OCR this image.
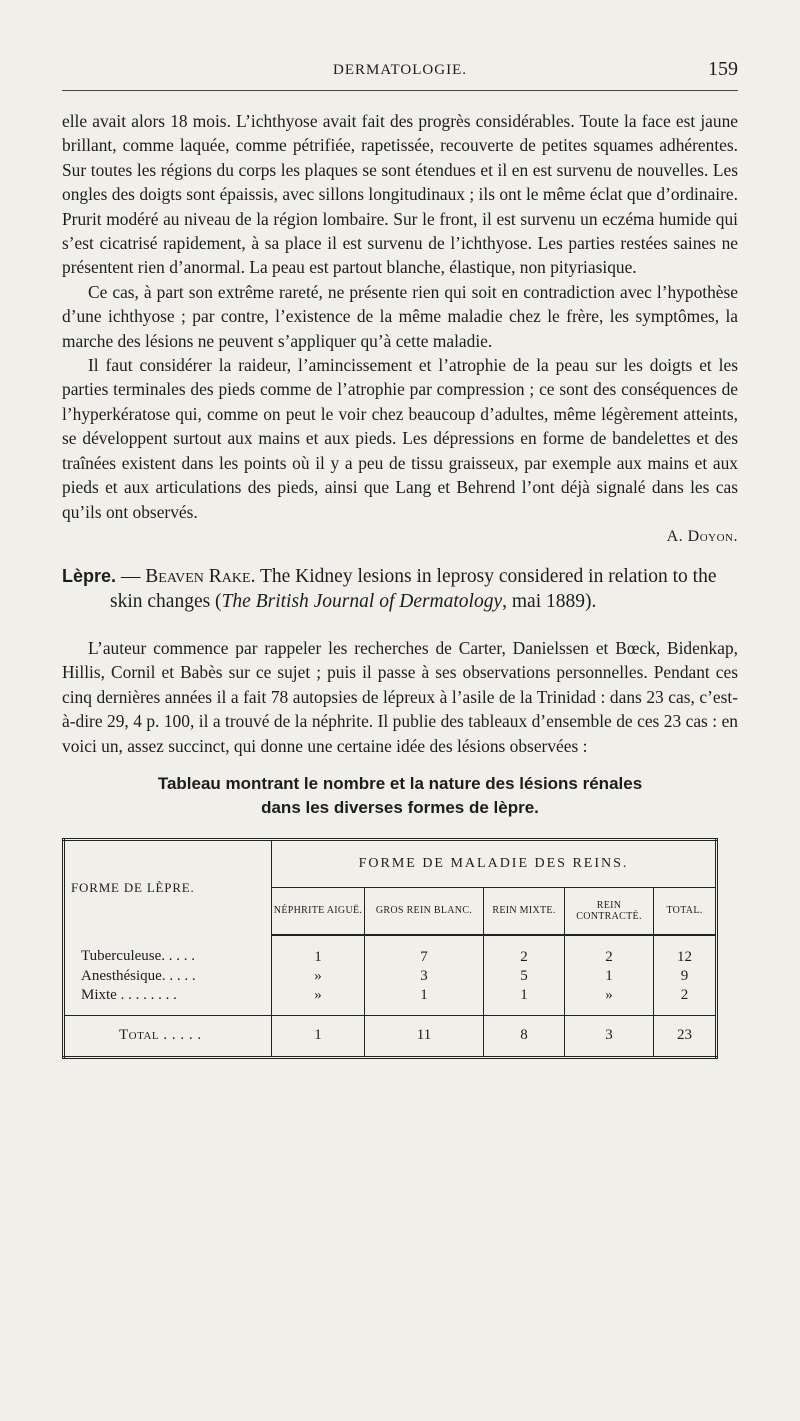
DERMATOLOGIE.	159

elle avait alors 18 mois. L’ichthyose avait fait des progrès considérables. Toute la face est jaune brillant, comme laquée, comme pétrifiée, rapetissée, recouverte de petites squames adhérentes. Sur toutes les régions du corps les plaques se sont étendues et il en est survenu de nouvelles. Les ongles des doigts sont épaissis, avec sillons longitudinaux ; ils ont le même éclat que d’ordinaire. Prurit modéré au niveau de la région lombaire. Sur le front, il est survenu un eczéma humide qui s’est cicatrisé rapidement, à sa place il est survenu de l’ichthyose. Les parties restées saines ne présentent rien d’anormal. La peau est partout blanche, élastique, non pityriasique.

Ce cas, à part son extrême rareté, ne présente rien qui soit en contradiction avec l’hypothèse d’une ichthyose ; par contre, l’existence de la même maladie chez le frère, les symptômes, la marche des lésions ne peuvent s’appliquer qu’à cette maladie.

Il faut considérer la raideur, l’amincissement et l’atrophie de la peau sur les doigts et les parties terminales des pieds comme de l’atrophie par compression ; ce sont des conséquences de l’hyperkératose qui, comme on peut le voir chez beaucoup d’adultes, même légèrement atteints, se développent surtout aux mains et aux pieds. Les dépressions en forme de bandelettes et des traînées existent dans les points où il y a peu de tissu graisseux, par exemple aux mains et aux pieds et aux articulations des pieds, ainsi que Lang et Behrend l’ont déjà signalé dans les cas qu’ils ont observés.

A. Doyon.

Lèpre. — Beaven Rake. The Kidney lesions in leprosy considered in relation to the skin changes (The British Journal of Dermatology, mai 1889).

L’auteur commence par rappeler les recherches de Carter, Danielssen et Bœck, Bidenkap, Hillis, Cornil et Babès sur ce sujet ; puis il passe à ses observations personnelles. Pendant ces cinq dernières années il a fait 78 autopsies de lépreux à l’asile de la Trinidad : dans 23 cas, c’est-à-dire 29, 4 p. 100, il a trouvé de la néphrite. Il publie des tableaux d’ensemble de ces 23 cas : en voici un, assez succinct, qui donne une certaine idée des lésions observées :

Tableau montrant le nombre et la nature des lésions rénales
dans les diverses formes de lèpre.
FORME DE LÈPRE.	FORME DE MALADIE DES REINS.				
	NÉPHRITE AIGUË.	GROS REIN BLANC.	REIN MIXTE.	REIN CONTRACTÉ.	TOTAL.
Tuberculeuse. . . . .	1	7	2	2	12
Anesthésique. . . . .	»	3	5	1	9
Mixte . . . . . . . .	»	1	1	»	2
Total . . . . .	1	11	8	3	23
